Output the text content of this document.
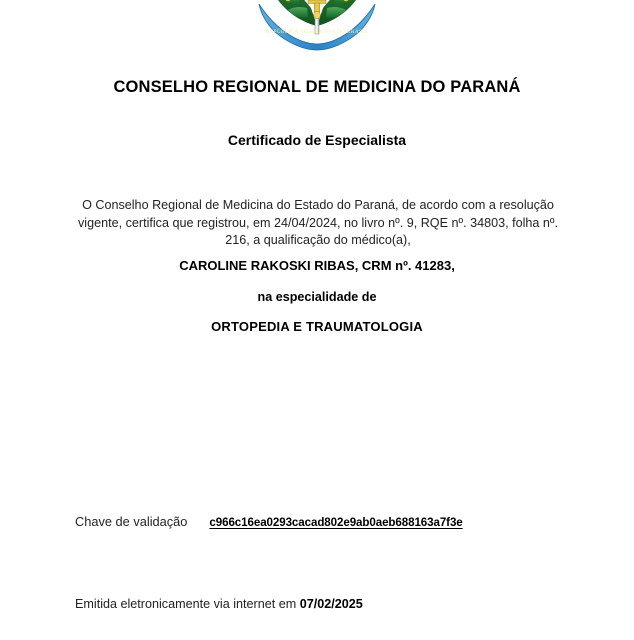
REPÚBLICA FEDERATIVA DO BRASIL
CONSELHO REGIONAL DE MEDICINA DO PARANÁ
Certificado de Especialista
O Conselho Regional de Medicina do Estado do Paraná, de acordo com a resolução vigente, certifica que registrou, em 24/04/2024, no livro nº. 9, RQE nº. 34803, folha nº. 216, a qualificação do médico(a),
CAROLINE RAKOSKI RIBAS, CRM nº. 41283,
na especialidade de
ORTOPEDIA E TRAUMATOLOGIA
Chave de validação c966c16ea0293cacad802e9ab0aeb688163a7f3e
Emitida eletronicamente via internet em 07/02/2025
